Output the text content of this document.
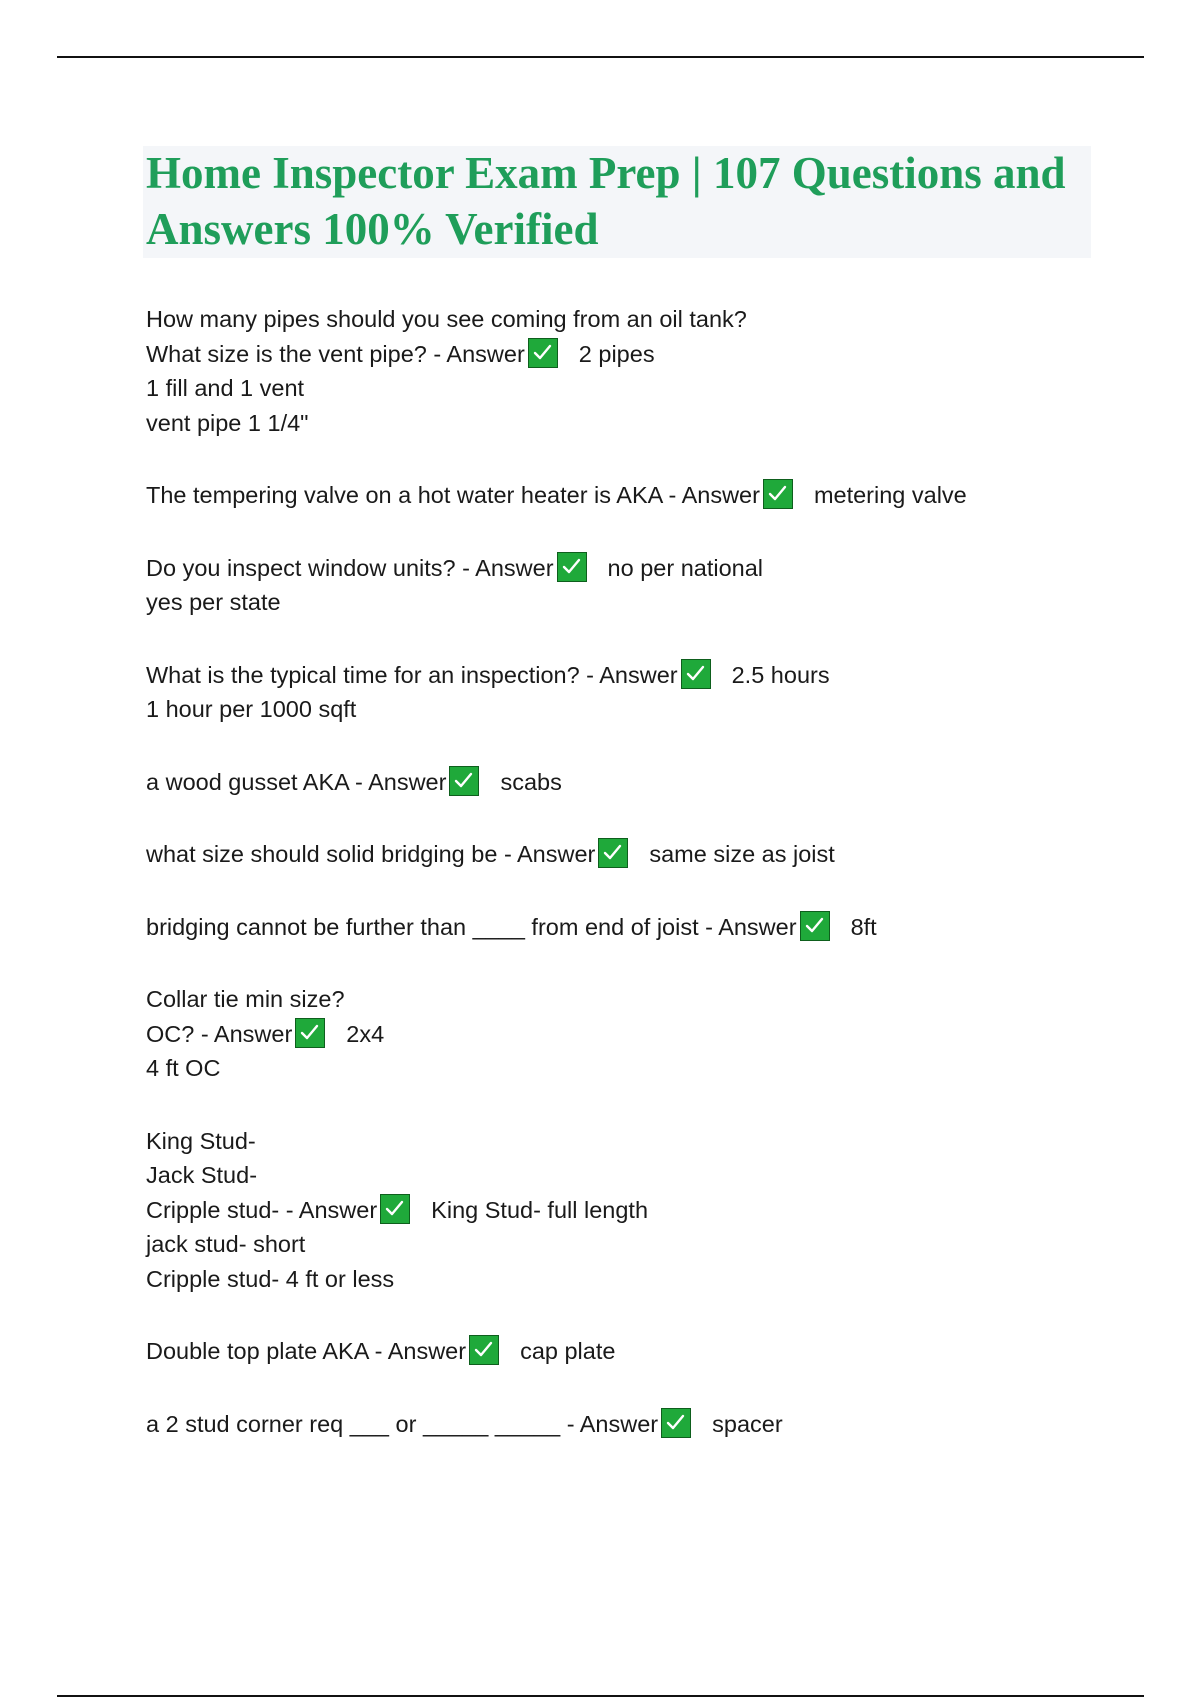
Home Inspector Exam Prep | 107 Questions and Answers 100% Verified
How many pipes should you see coming from an oil tank?
What size is the vent pipe? - Answer 2 pipes
1 fill and 1 vent
vent pipe 1 1/4"
The tempering valve on a hot water heater is AKA - Answer metering valve
Do you inspect window units? - Answer no per national
yes per state
What is the typical time for an inspection? - Answer 2.5 hours
1 hour per 1000 sqft
a wood gusset AKA - Answer scabs
what size should solid bridging be - Answer same size as joist
bridging cannot be further than ____ from end of joist - Answer 8ft
Collar tie min size?
OC? - Answer 2x4
4 ft OC
King Stud-
Jack Stud-
Cripple stud- - Answer King Stud- full length
jack stud- short
Cripple stud- 4 ft or less
Double top plate AKA - Answer cap plate
a 2 stud corner req ___ or _____ _____ - Answer spacer
